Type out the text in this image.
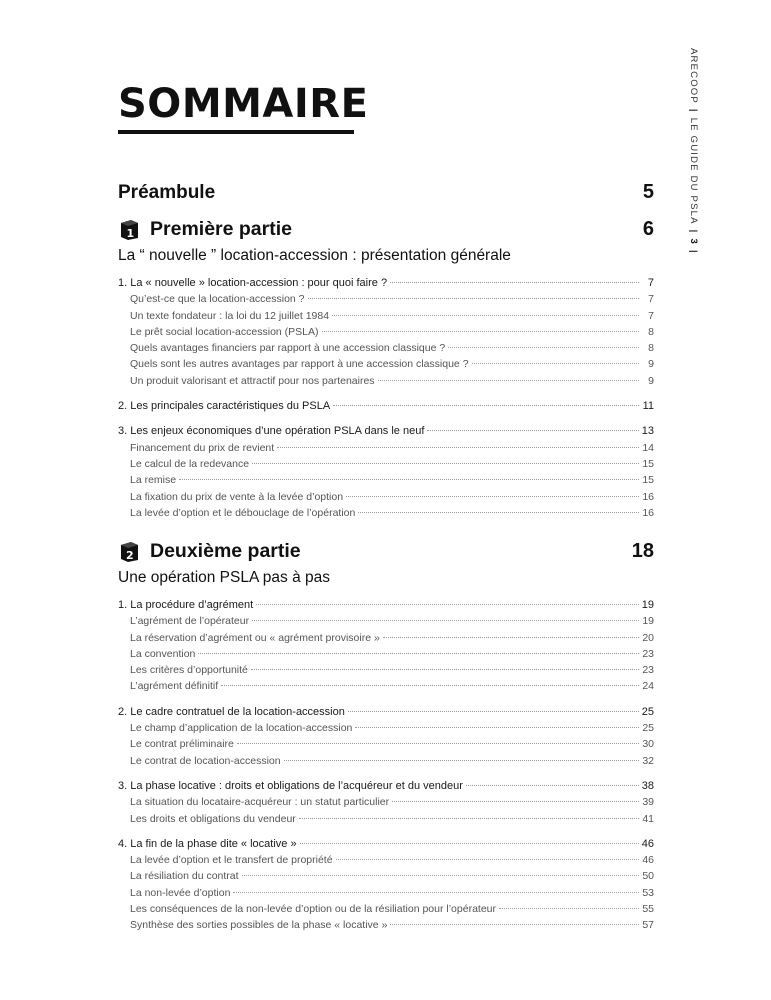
SOMMAIRE
ARECOOP
|
LE GUIDE DU PSLA
|
3
|
Préambule	5
1 Première partie	6
La “ nouvelle ” location-accession : présentation générale
1. La « nouvelle » location-accession : pour quoi faire ?	7
Qu’est-ce que la location-accession ?	7
Un texte fondateur : la loi du 12 juillet 1984	7
Le prêt social location-accession (PSLA)	8
Quels avantages financiers par rapport à une accession classique ?	8
Quels sont les autres avantages par rapport à une accession classique ?	9
Un produit valorisant et attractif pour nos partenaires	9
2. Les principales caractéristiques du PSLA	11
3. Les enjeux économiques d’une opération PSLA dans le neuf	13
Financement du prix de revient	14
Le calcul de la redevance	15
La remise	15
La fixation du prix de vente à la levée d’option	16
La levée d’option et le débouclage de l’opération	16
2 Deuxième partie	18
Une opération PSLA pas à pas
1. La procédure d’agrément	19
L’agrément de l’opérateur	19
La réservation d’agrément ou « agrément provisoire »	20
La convention	23
Les critères d’opportunité	23
L’agrément définitif	24
2. Le cadre contratuel de la location-accession	25
Le champ d’application de la location-accession	25
Le contrat préliminaire	30
Le contrat de location-accession	32
3. La phase locative : droits et obligations de l’acquéreur et du vendeur	38
La situation du locataire-acquéreur : un statut particulier	39
Les droits et obligations du vendeur	41
4. La fin de la phase dite « locative »	46
La levée d’option et le transfert de propriété	46
La résiliation du contrat	50
La non-levée d’option	53
Les conséquences de la non-levée d’option ou de la résiliation pour l’opérateur	55
Synthèse des sorties possibles de la phase « locative »	57
